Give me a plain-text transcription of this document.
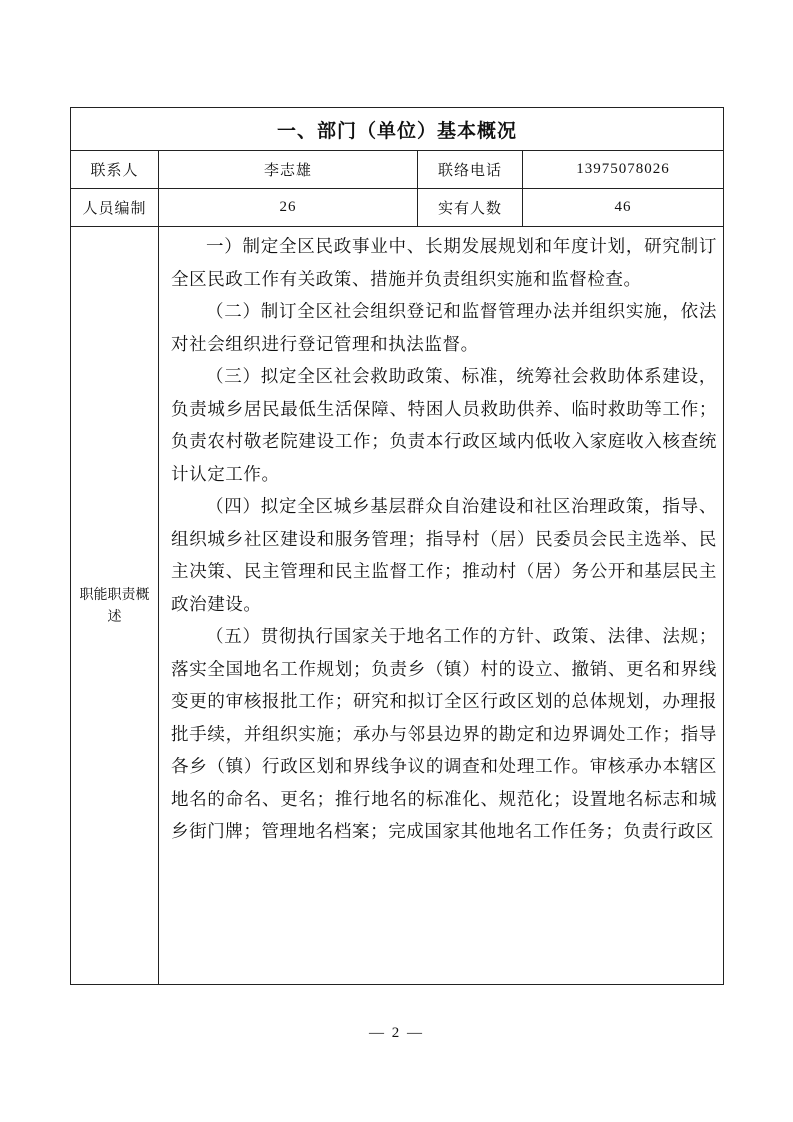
一、部门（单位）基本概况			
联系人	李志雄	联络电话	13975078026
人员编制	26	实有人数	46
职能职责概述	一）制定全区民政事业中、长期发展规划和年度计划，研究制订全区民政工作有关政策、措施并负责组织实施和监督检查。

（二）制订全区社会组织登记和监督管理办法并组织实施，依法对社会组织进行登记管理和执法监督。

（三）拟定全区社会救助政策、标准，统筹社会救助体系建设，负责城乡居民最低生活保障、特困人员救助供养、临时救助等工作；负责农村敬老院建设工作；负责本行政区域内低收入家庭收入核查统计认定工作。

（四）拟定全区城乡基层群众自治建设和社区治理政策，指导、组织城乡社区建设和服务管理；指导村（居）民委员会民主选举、民主决策、民主管理和民主监督工作；推动村（居）务公开和基层民主政治建设。

（五）贯彻执行国家关于地名工作的方针、政策、法律、法规；落实全国地名工作规划；负责乡（镇）村的设立、撤销、更名和界线变更的审核报批工作；研究和拟订全区行政区划的总体规划，办理报批手续，并组织实施；承办与邻县边界的勘定和边界调处工作；指导各乡（镇）行政区划和界线争议的调查和处理工作。审核承办本辖区地名的命名、更名；推行地名的标准化、规范化；设置地名标志和城乡街门牌；管理地名档案；完成国家其他地名工作任务；负责行政区		

— 2 —
